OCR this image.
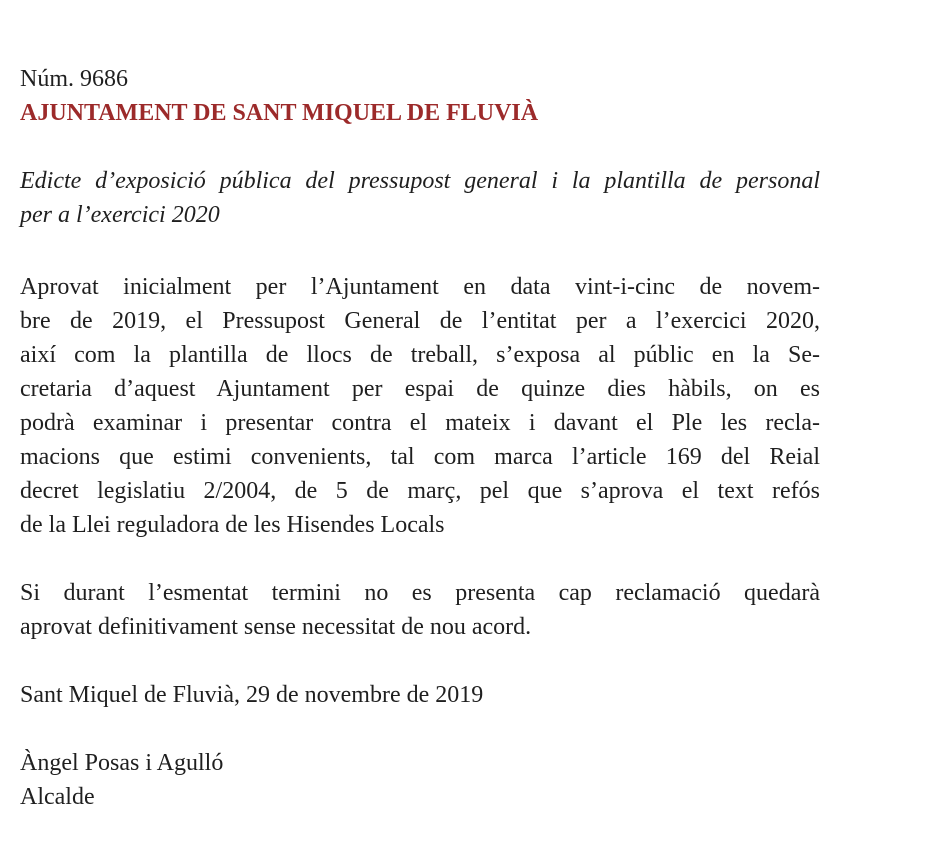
Núm. 9686

AJUNTAMENT DE SANT MIQUEL DE FLUVIÀ

Edicte d’exposició pública del pressupost general i la plantilla de personal
per a l’exercici 2020

Aprovat inicialment per l’Ajuntament en data vint-i-cinc de novem-
bre de 2019, el Pressupost General de l’entitat per a l’exercici 2020,
així com la plantilla de llocs de treball, s’exposa al públic en la Se-
cretaria d’aquest Ajuntament per espai de quinze dies hàbils, on es
podrà examinar i presentar contra el mateix i davant el Ple les recla-
macions que estimi convenients, tal com marca l’article 169 del Reial
decret legislatiu 2/2004, de 5 de març, pel que s’aprova el text refós
de la Llei reguladora de les Hisendes Locals

Si durant l’esmentat termini no es presenta cap reclamació quedarà
aprovat definitivament sense necessitat de nou acord.

Sant Miquel de Fluvià, 29 de novembre de 2019

Àngel Posas i Agulló
Alcalde
